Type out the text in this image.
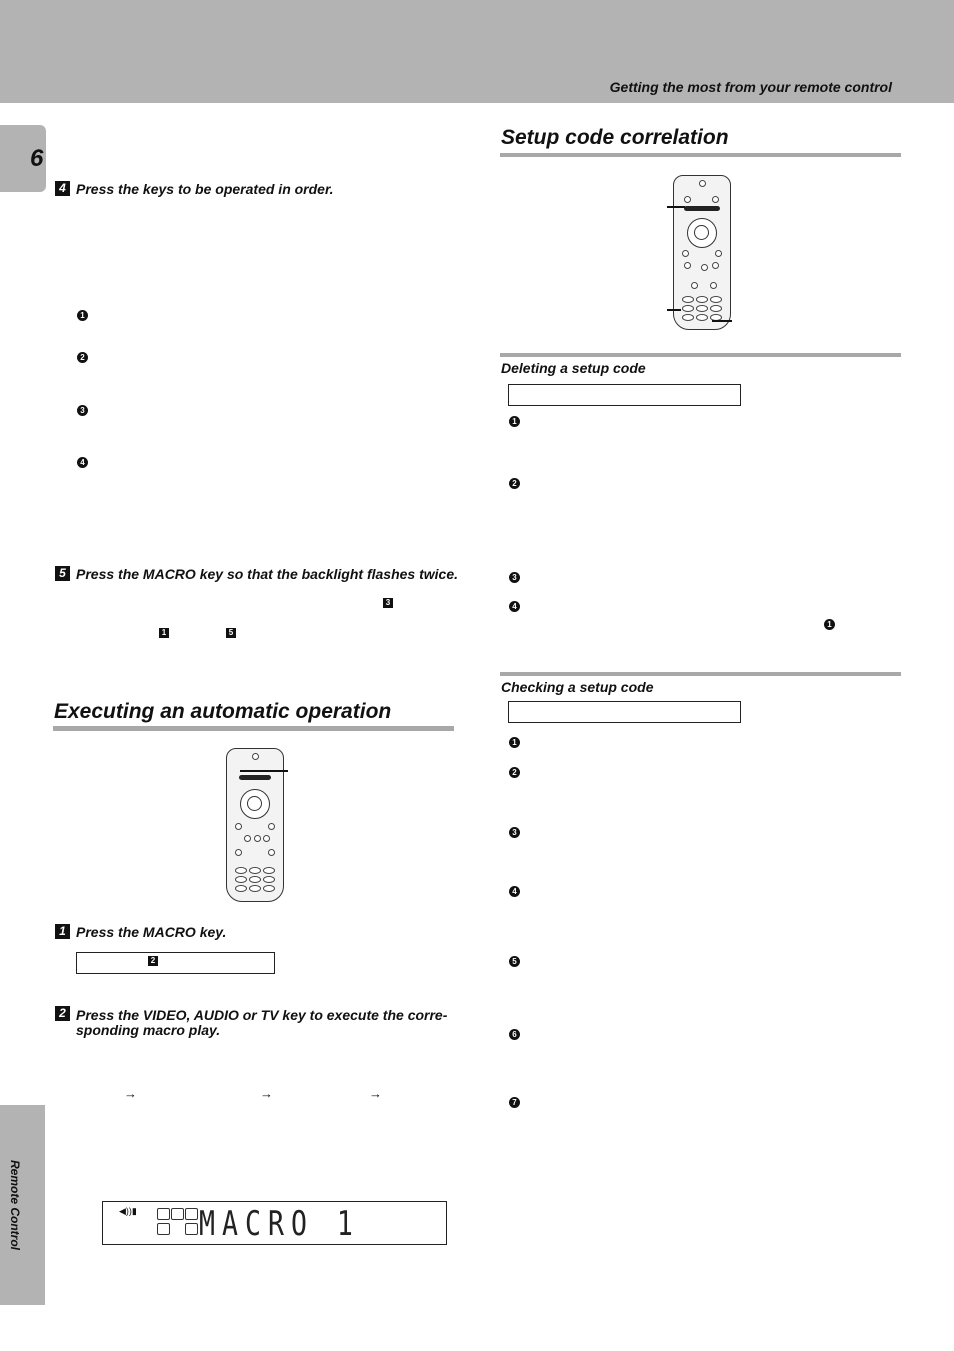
Getting the most from your remote control
6
Remote Control
4 Press the keys to be operated in order.
1
2
3
4
5 Press the MACRO key so that the backlight flashes twice.
3
1	5
Executing an automatic operation
1 Press the MACRO key.
2
2 Press the VIDEO, AUDIO or TV key to execute the corre-
sponding macro play.
→	→	→
◀))▮ MACRO 1
Setup code correlation
Deleting a setup code
1
2
3
4
1
Checking a setup code
1
2
3
4
5
6
7
